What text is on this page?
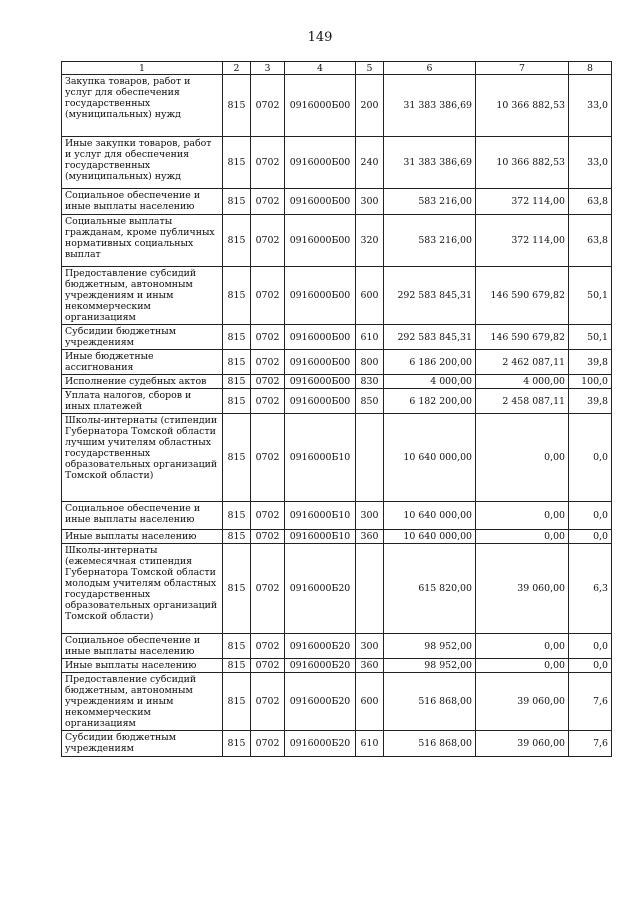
149
1	2	3	4	5	6	7	8
Закупка товаров, работ и услуг для обеспечения государственных (муниципальных) нужд	815	0702	0916000Б00	200	31 383 386,69	10 366 882,53	33,0
Иные закупки товаров, работ и услуг для обеспечения государственных (муниципальных) нужд	815	0702	0916000Б00	240	31 383 386,69	10 366 882,53	33,0
Социальное обеспечение и иные выплаты населению	815	0702	0916000Б00	300	583 216,00	372 114,00	63,8
Социальные выплаты гражданам, кроме публичных нормативных социальных выплат	815	0702	0916000Б00	320	583 216,00	372 114,00	63,8
Предоставление субсидий бюджетным, автономным учреждениям и иным некоммерческим организациям	815	0702	0916000Б00	600	292 583 845,31	146 590 679,82	50,1
Субсидии бюджетным учреждениям	815	0702	0916000Б00	610	292 583 845,31	146 590 679,82	50,1
Иные бюджетные ассигнования	815	0702	0916000Б00	800	6 186 200,00	2 462 087,11	39,8
Исполнение судебных актов	815	0702	0916000Б00	830	4 000,00	4 000,00	100,0
Уплата налогов, сборов и иных платежей	815	0702	0916000Б00	850	6 182 200,00	2 458 087,11	39,8
Школы-интернаты (стипендии Губернатора Томской области лучшим учителям областных государственных образовательных организаций Томской области)	815	0702	0916000Б10		10 640 000,00	0,00	0,0
Социальное обеспечение и иные выплаты населению	815	0702	0916000Б10	300	10 640 000,00	0,00	0,0
Иные выплаты населению	815	0702	0916000Б10	360	10 640 000,00	0,00	0,0
Школы-интернаты (ежемесячная стипендия Губернатора Томской области молодым учителям областных государственных образовательных организаций Томской области)	815	0702	0916000Б20		615 820,00	39 060,00	6,3
Социальное обеспечение и иные выплаты населению	815	0702	0916000Б20	300	98 952,00	0,00	0,0
Иные выплаты населению	815	0702	0916000Б20	360	98 952,00	0,00	0,0
Предоставление субсидий бюджетным, автономным учреждениям и иным некоммерческим организациям	815	0702	0916000Б20	600	516 868,00	39 060,00	7,6
Субсидии бюджетным учреждениям	815	0702	0916000Б20	610	516 868,00	39 060,00	7,6
